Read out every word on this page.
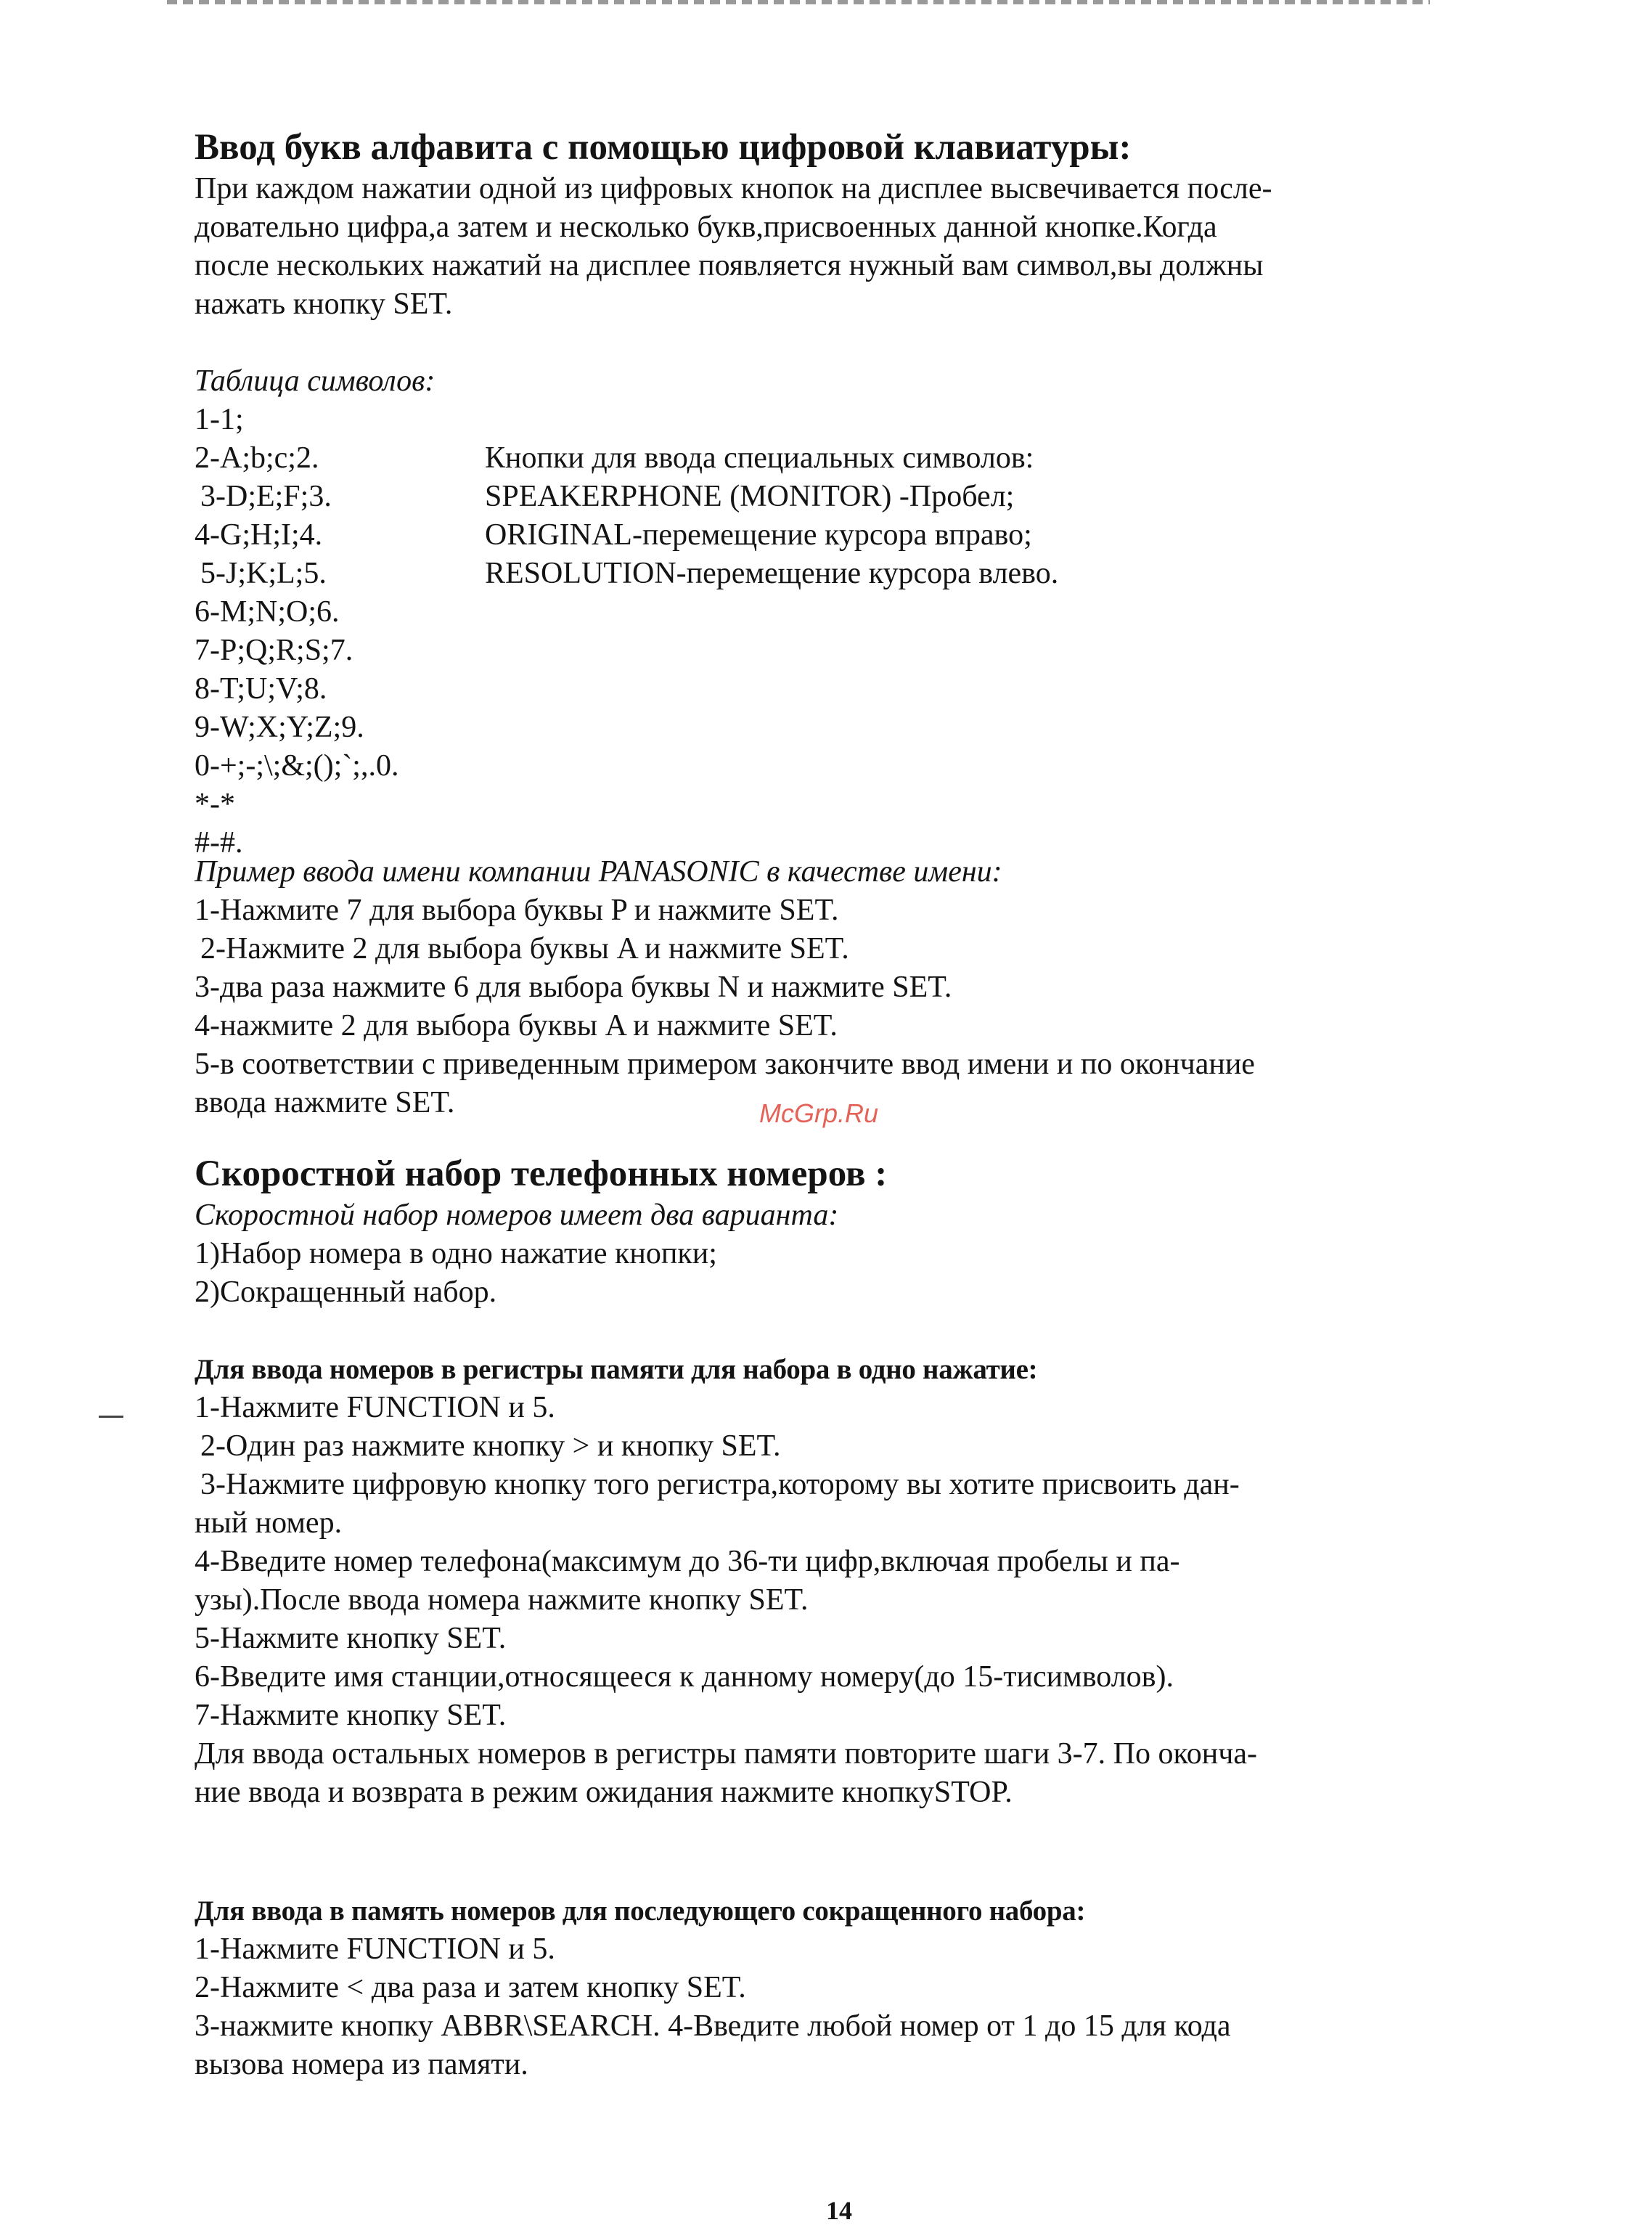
Ввод букв алфавита с помощью цифровой клавиатуры:

При каждом нажатии одной из цифровых кнопок на дисплее высвечивается после-

довательно цифра,а затем и несколько букв,присвоенных данной кнопке.Когда

после нескольких нажатий на дисплее появляется нужный вам символ,вы должны

нажать кнопку SET.

Таблица символов:

1-1;

2-A;b;c;2.

3-D;E;F;3.

4-G;H;I;4.

5-J;K;L;5.

6-M;N;O;6.

7-P;Q;R;S;7.

8-T;U;V;8.

9-W;X;Y;Z;9.

0-+;-;\;&;();`;,.0.

*-*

#-#.

Кнопки для ввода специальных символов:

SPEAKERPHONE (MONITOR) -Пробел;

ORIGINAL-перемещение курсора вправо;

RESOLUTION-перемещение курсора влево.

Пример ввода имени компании PANASONIC в качестве имени:

1-Нажмите 7 для выбора буквы P и нажмите SET.

2-Нажмите 2 для выбора буквы A и нажмите SET.

3-два раза нажмите 6 для выбора буквы N и нажмите SET.

4-нажмите 2 для выбора буквы A и нажмите SET.

5-в соответствии с приведенным примером закончите ввод имени и по окончание

ввода нажмите SET.

Скоростной набор телефонных номеров :

Скоростной набор номеров имеет два варианта:

1)Набор номера в одно нажатие кнопки;

2)Сокращенный набор.

Для ввода номеров в регистры памяти для набора в одно нажатие:

1-Нажмите FUNCTION и 5.

2-Один раз нажмите кнопку > и кнопку SET.

3-Нажмите цифровую кнопку того регистра,которому вы хотите присвоить дан-

ный номер.

4-Введите номер телефона(максимум до 36-ти цифр,включая пробелы и па-

узы).После ввода номера нажмите кнопку SET.

5-Нажмите кнопку SET.

6-Введите имя станции,относящееся к данному номеру(до 15-тисимволов).

7-Нажмите кнопку SET.

Для ввода остальных номеров в регистры памяти повторите шаги 3-7. По оконча-

ние ввода и возврата в режим ожидания нажмите кнопкуSTOP.

Для ввода в память номеров для последующего сокращенного набора:

1-Нажмите FUNCTION и 5.

2-Нажмите < два раза и затем кнопку SET.

3-нажмите кнопку ABBR\SEARCH. 4-Введите любой номер от 1 до 15 для кода

вызова номера из памяти.

McGrp.Ru
14
